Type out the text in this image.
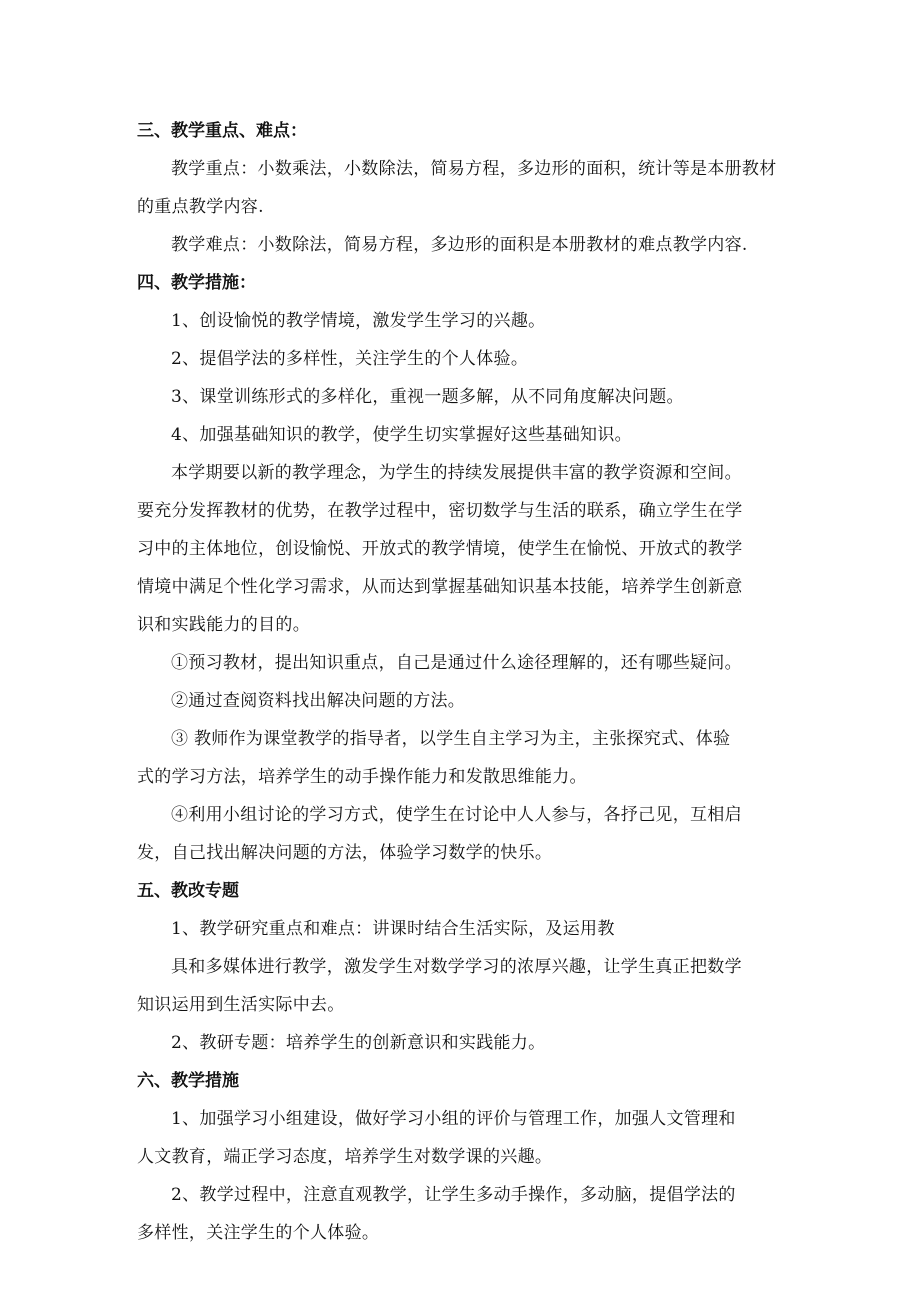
三、教学重点、难点：
教学重点：小数乘法，小数除法，简易方程，多边形的面积，统计等是本册教材
的重点教学内容.
教学难点：小数除法，简易方程，多边形的面积是本册教材的难点教学内容.
四、教学措施：
1、创设愉悦的教学情境，激发学生学习的兴趣。
2、提倡学法的多样性，关注学生的个人体验。
3、课堂训练形式的多样化，重视一题多解，从不同角度解决问题。
4、加强基础知识的教学，使学生切实掌握好这些基础知识。
本学期要以新的教学理念，为学生的持续发展提供丰富的教学资源和空间。
要充分发挥教材的优势，在教学过程中，密切数学与生活的联系，确立学生在学
习中的主体地位，创设愉悦、开放式的教学情境，使学生在愉悦、开放式的教学
情境中满足个性化学习需求，从而达到掌握基础知识基本技能，培养学生创新意
识和实践能力的目的。
①预习教材，提出知识重点，自己是通过什么途径理解的，还有哪些疑问。
②通过查阅资料找出解决问题的方法。
③ 教师作为课堂教学的指导者，以学生自主学习为主，主张探究式、体验
式的学习方法，培养学生的动手操作能力和发散思维能力。
④利用小组讨论的学习方式，使学生在讨论中人人参与，各抒己见，互相启
发，自己找出解决问题的方法，体验学习数学的快乐。
五、教改专题
1、教学研究重点和难点：讲课时结合生活实际，及运用教
具和多媒体进行教学，激发学生对数学学习的浓厚兴趣，让学生真正把数学
知识运用到生活实际中去。
2、教研专题：培养学生的创新意识和实践能力。
六、教学措施
1、加强学习小组建设，做好学习小组的评价与管理工作，加强人文管理和
人文教育，端正学习态度，培养学生对数学课的兴趣。
2、教学过程中，注意直观教学，让学生多动手操作，多动脑，提倡学法的
多样性，关注学生的个人体验。
